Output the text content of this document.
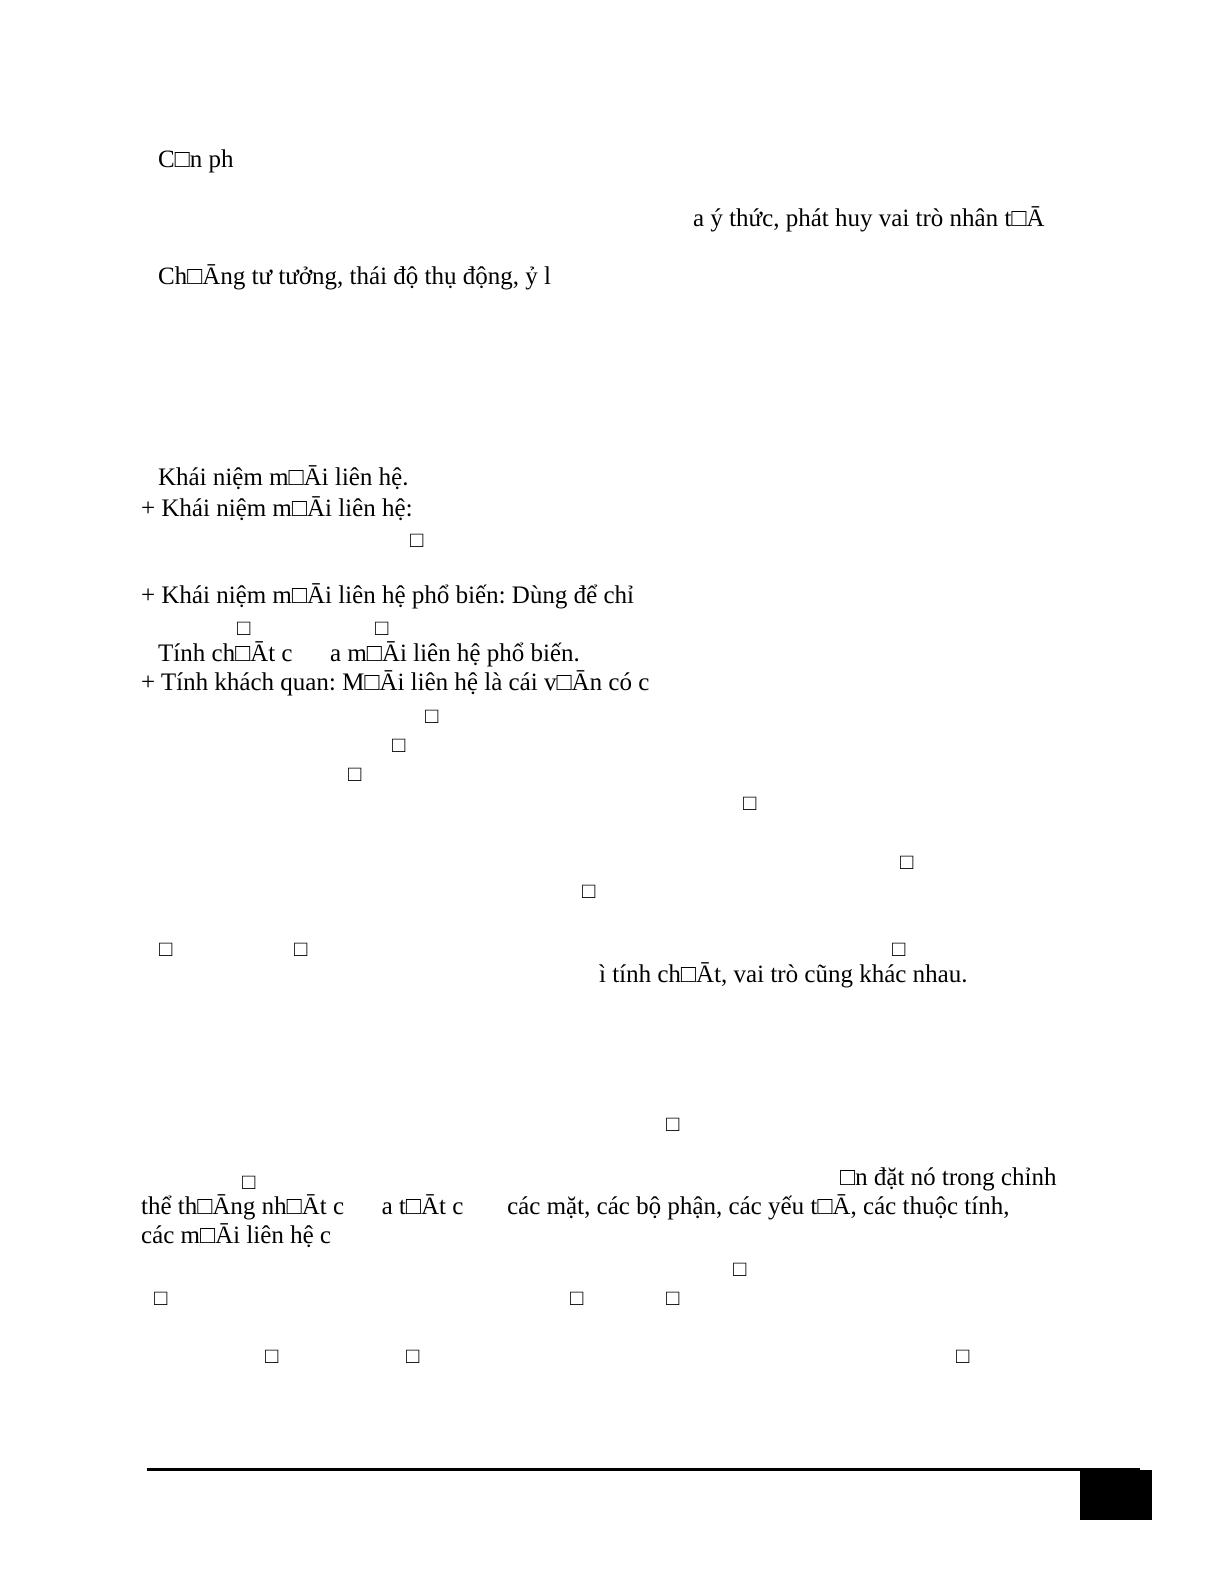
C□n ph
a ý thức, phát huy vai trò nhân t□Ā
Ch□Āng tư tưởng, thái độ thụ động, ỷ l
Khái niệm m□Āi liên hệ.
+ Khái niệm m□Āi liên hệ:
+ Khái niệm m□Āi liên hệ phổ biến: Dùng để chỉ
Tính ch□Āt c      a m□Āi liên hệ phổ biến.
+ Tính khách quan: M□Āi liên hệ là cái v□Ān có c
ì tính ch□Āt, vai trò cũng khác nhau.
□n đặt nó trong chỉnh
thể th□Āng nh□Āt c      a t□Āt c       các mặt, các bộ phận, các yếu t□Ā, các thuộc tính,
các m□Āi liên hệ c
□
□	□
□
□
□
□
□
□
□	□	□
□
□
□
□	□	□
□	□	□
